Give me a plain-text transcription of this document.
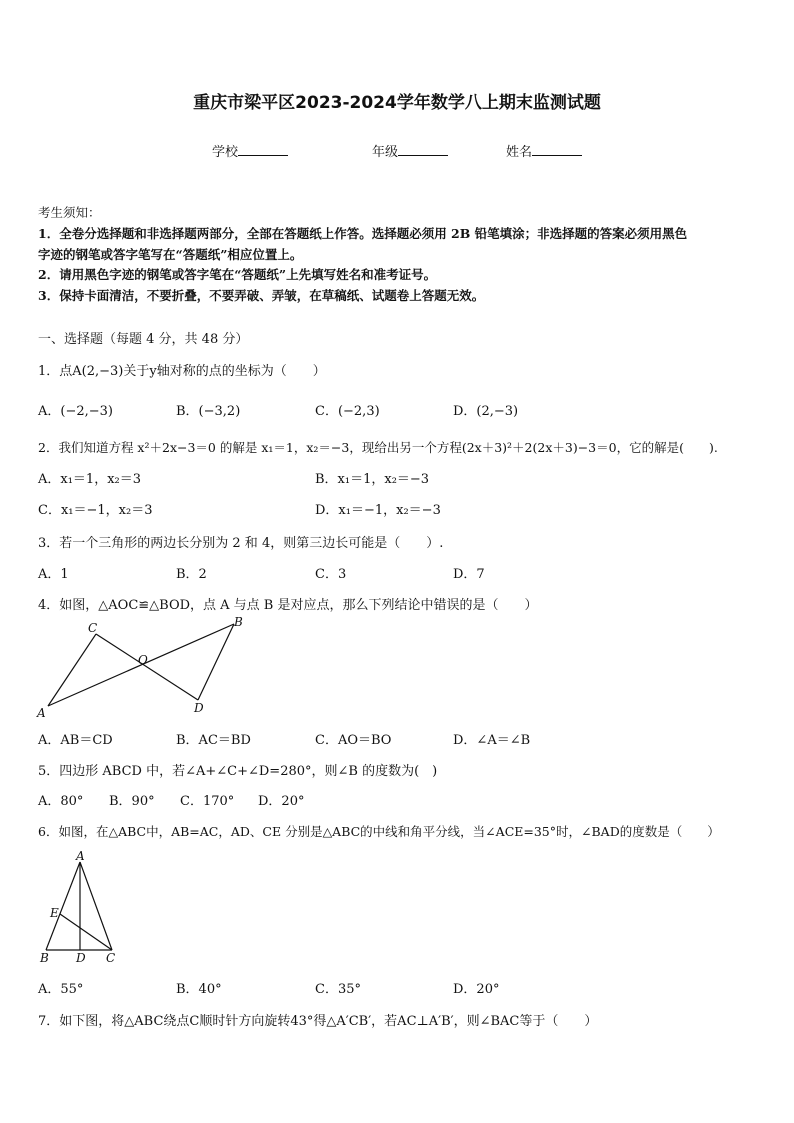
重庆市梁平区2023-2024学年数学八上期末监测试题
学校	年级	姓名
考生须知：
1．全卷分选择题和非选择题两部分，全部在答题纸上作答。选择题必须用 2B 铅笔填涂；非选择题的答案必须用黑色
字迹的钢笔或答字笔写在“答题纸”相应位置上。
2．请用黑色字迹的钢笔或答字笔在“答题纸”上先填写姓名和准考证号。
3．保持卡面清洁，不要折叠，不要弄破、弄皱，在草稿纸、试题卷上答题无效。
一、选择题（每题 4 分，共 48 分）
1．点A(2,−3)关于y轴对称的点的坐标为（　　）
A．(−2,−3)	B．(−3,2)	C．(−2,3)	D．(2,−3)
2．我们知道方程 x²＋2x−3＝0 的解是 x₁＝1，x₂＝−3，现给出另一个方程(2x＋3)²＋2(2x＋3)−3＝0，它的解是(　　).
A．x₁＝1，x₂＝3	B．x₁＝1，x₂＝−3
C．x₁＝−1，x₂＝3	D．x₁＝−1，x₂＝−3
3．若一个三角形的两边长分别为 2 和 4，则第三边长可能是（　　）.
A．1	B．2	C．3	D．7
4．如图，△AOC≌△BOD，点 A 与点 B 是对应点，那么下列结论中错误的是（　　）
C	B
O
A	D
A．AB＝CD	B．AC＝BD	C．AO＝BO	D．∠A＝∠B
5．四边形 ABCD 中，若∠A+∠C+∠D=280°，则∠B 的度数为(　)
A．80° B．90° C．170° D．20°
6．如图，在△ABC中，AB=AC，AD、CE 分别是△ABC的中线和角平分线，当∠ACE=35°时，∠BAD的度数是（　　）
A
E
B D C
A．55°	B．40°	C．35°	D．20°
7．如下图，将△ABC绕点C顺时针方向旋转43°得△A′CB′，若AC⊥A′B′，则∠BAC等于（　　）
